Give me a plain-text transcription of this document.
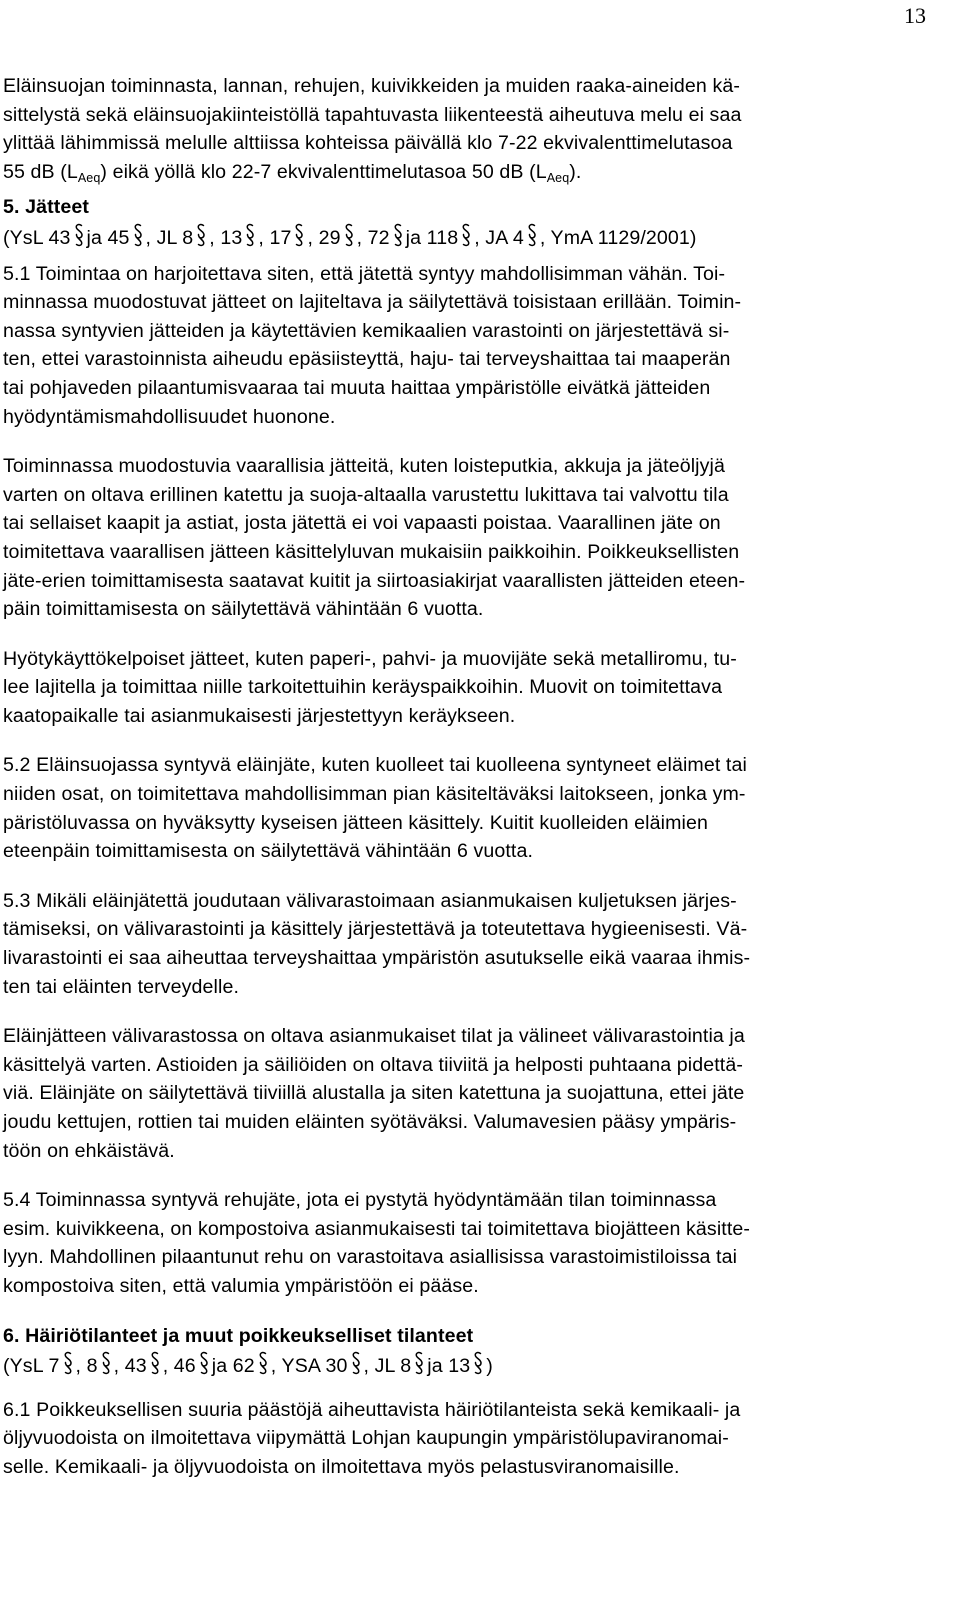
13
Eläinsuojan toiminnasta, lannan, rehujen, kuivikkeiden ja muiden raaka-aineiden kä-
sittelystä sekä eläinsuojakiinteistöllä tapahtuvasta liikenteestä aiheutuva melu ei saa
ylittää lähimmissä melulle alttiissa kohteissa päivällä klo 7-22 ekvivalenttimelutasoa
55 dB $(L_{Aeq})$ eikä yöllä klo 22-7 ekvivalenttimelutasoa 50 dB $(L_{Aeq})$.
5. Jätteet
(YsL 43 ja 45 , JL 8 , 13 , 17 , 29 , 72 ja 118 , JA 4 , YmA 1129/2001)
5.1 Toimintaa on harjoitettava siten, että jätettä syntyy mahdollisimman vähän. Toi-
minnassa muodostuvat jätteet on lajiteltava ja säilytettävä toisistaan erillään. Toimin-
nassa syntyvien jätteiden ja käytettävien kemikaalien varastointi on järjestettävä si-
ten, ettei varastoinnista aiheudu epäsiisteyttä, haju- tai terveyshaittaa tai maaperän
tai pohjaveden pilaantumisvaaraa tai muuta haittaa ympäristölle eivätkä jätteiden
hyödyntämismahdollisuudet huonone.
Toiminnassa muodostuvia vaarallisia jätteitä, kuten loisteputkia, akkuja ja jäteöljyjä
varten on oltava erillinen katettu ja suoja-altaalla varustettu lukittava tai valvottu tila
tai sellaiset kaapit ja astiat, josta jätettä ei voi vapaasti poistaa. Vaarallinen jäte on
toimitettava vaarallisen jätteen käsittelyluvan mukaisiin paikkoihin. Poikkeuksellisten
jäte-erien toimittamisesta saatavat kuitit ja siirtoasiakirjat vaarallisten jätteiden eteen-
päin toimittamisesta on säilytettävä vähintään 6 vuotta.
Hyötykäyttökelpoiset jätteet, kuten paperi-, pahvi- ja muovijäte sekä metalliromu, tu-
lee lajitella ja toimittaa niille tarkoitettuihin keräyspaikkoihin. Muovit on toimitettava
kaatopaikalle tai asianmukaisesti järjestettyyn keräykseen.
5.2 Eläinsuojassa syntyvä eläinjäte, kuten kuolleet tai kuolleena syntyneet eläimet tai
niiden osat, on toimitettava mahdollisimman pian käsiteltäväksi laitokseen, jonka ym-
päristöluvassa on hyväksytty kyseisen jätteen käsittely. Kuitit kuolleiden eläimien
eteenpäin toimittamisesta on säilytettävä vähintään 6 vuotta.
5.3 Mikäli eläinjätettä joudutaan välivarastoimaan asianmukaisen kuljetuksen järjes-
tämiseksi, on välivarastointi ja käsittely järjestettävä ja toteutettava hygieenisesti. Vä-
livarastointi ei saa aiheuttaa terveyshaittaa ympäristön asutukselle eikä vaaraa ihmis-
ten tai eläinten terveydelle.
Eläinjätteen välivarastossa on oltava asianmukaiset tilat ja välineet välivarastointia ja
käsittelyä varten. Astioiden ja säiliöiden on oltava tiiviitä ja helposti puhtaana pidettä-
viä. Eläinjäte on säilytettävä tiiviillä alustalla ja siten katettuna ja suojattuna, ettei jäte
joudu kettujen, rottien tai muiden eläinten syötäväksi. Valumavesien pääsy ympäris-
töön on ehkäistävä.
5.4 Toiminnassa syntyvä rehujäte, jota ei pystytä hyödyntämään tilan toiminnassa
esim. kuivikkeena, on kompostoiva asianmukaisesti tai toimitettava biojätteen käsitte-
lyyn. Mahdollinen pilaantunut rehu on varastoitava asiallisissa varastoimistiloissa tai
kompostoiva siten, että valumia ympäristöön ei pääse.
6. Häiriötilanteet ja muut poikkeukselliset tilanteet
(YsL 7 , 8 , 43 , 46 ja 62 , YSA 30 , JL 8 ja 13 )
6.1 Poikkeuksellisen suuria päästöjä aiheuttavista häiriötilanteista sekä kemikaali- ja
öljyvuodoista on ilmoitettava viipymättä Lohjan kaupungin ympäristölupaviranomai-
selle. Kemikaali- ja öljyvuodoista on ilmoitettava myös pelastusviranomaisille.
